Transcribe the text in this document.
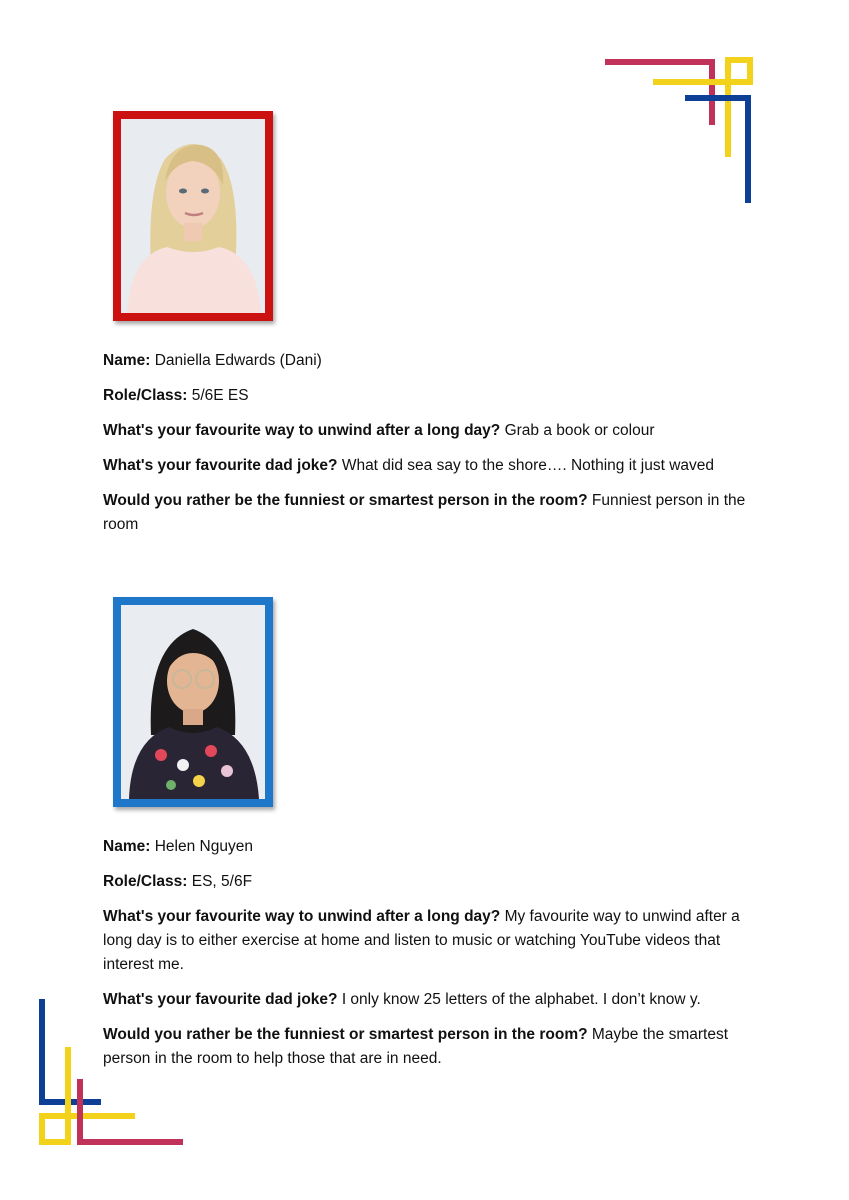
Name: Daniella Edwards (Dani)

Role/Class: 5/6E ES

What's your favourite way to unwind after a long day? Grab a book or colour

What's your favourite dad joke? What did sea say to the shore…. Nothing it just waved

Would you rather be the funniest or smartest person in the room? Funniest person in the room

Name: Helen Nguyen

Role/Class: ES, 5/6F

What's your favourite way to unwind after a long day? My favourite way to unwind after a long day is to either exercise at home and listen to music or watching YouTube videos that interest me.

What's your favourite dad joke? I only know 25 letters of the alphabet. I don’t know y.

Would you rather be the funniest or smartest person in the room? Maybe the smartest person in the room to help those that are in need.
